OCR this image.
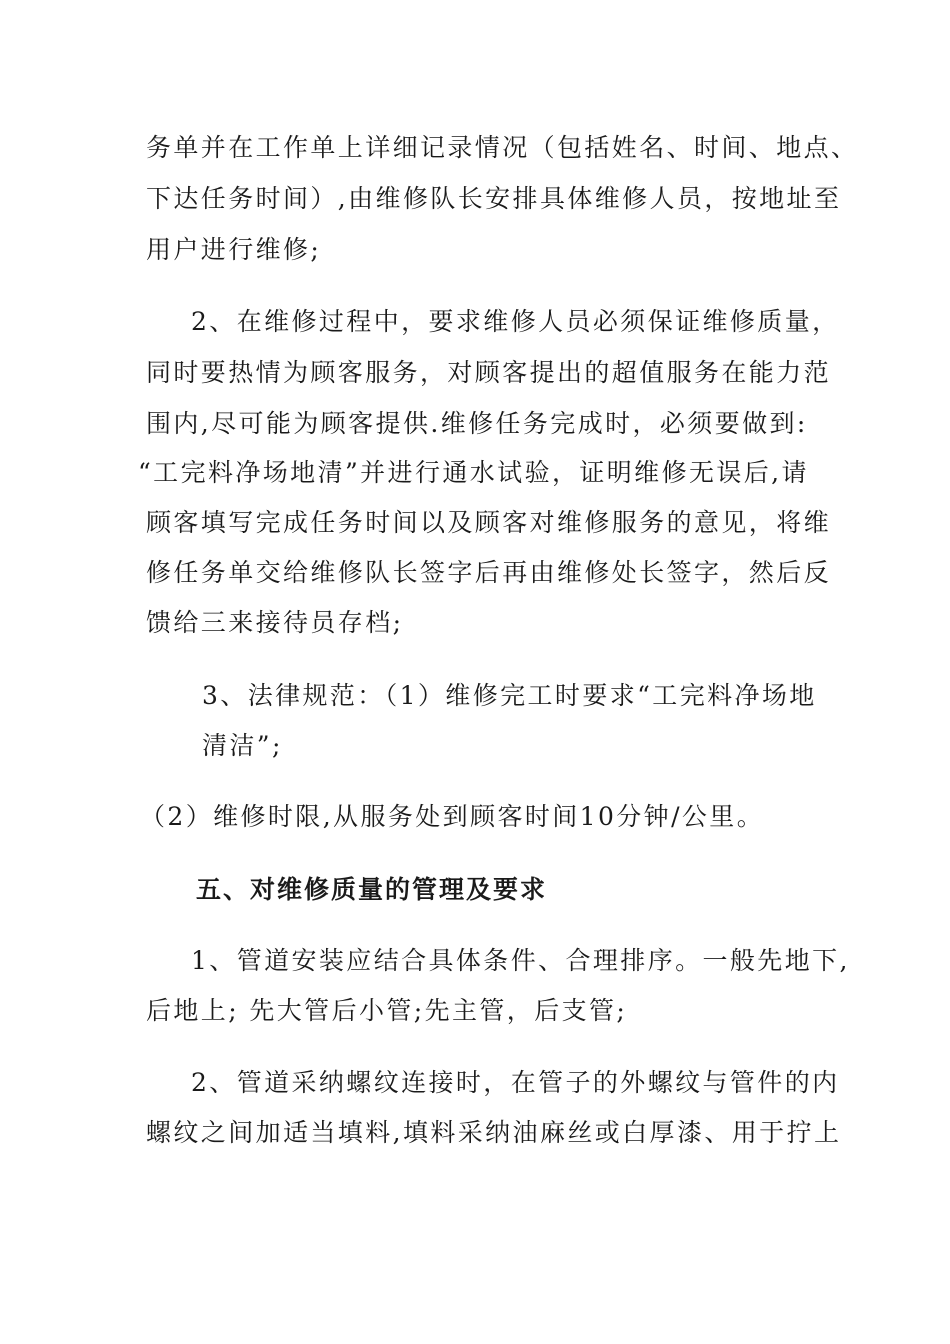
务单并在工作单上详细记录情况（包括姓名、时间、地点、
下达任务时间）,由维修队长安排具体维修人员，按地址至
用户进行维修;
2、在维修过程中，要求维修人员必须保证维修质量，
同时要热情为顾客服务，对顾客提出的超值服务在能力范
围内,尽可能为顾客提供.维修任务完成时，必须要做到:
“工完料净场地清”并进行通水试验，证明维修无误后,请
顾客填写完成任务时间以及顾客对维修服务的意见，将维
修任务单交给维修队长签字后再由维修处长签字，然后反
馈给三来接待员存档;
3、法律规范：（1）维修完工时要求“工完料净场地
清洁”;
（2）维修时限,从服务处到顾客时间10分钟/公里。
五、对维修质量的管理及要求
1、管道安装应结合具体条件、合理排序。一般先地下,
后地上; 先大管后小管;先主管，后支管;
2、管道采纳螺纹连接时，在管子的外螺纹与管件的内
螺纹之间加适当填料,填料采纳油麻丝或白厚漆、用于拧上
